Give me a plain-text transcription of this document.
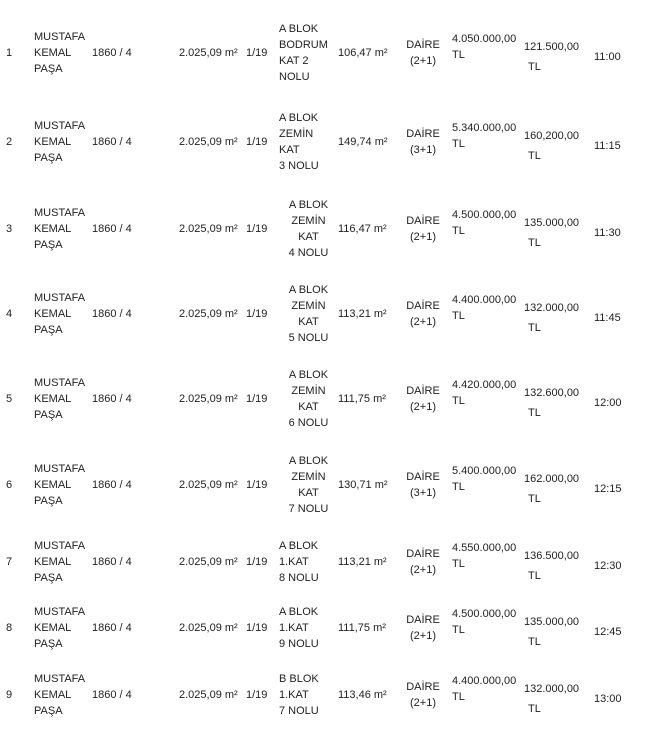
1	MUSTAFA
KEMAL
PAŞA	1860 / 4	2.025,09 m²	1/19	A BLOK
BODRUM
KAT 2
NOLU	106,47 m²	DAİRE
(2+1)	4.050.000,00
TL	121.500,00
TL	11:00

2	MUSTAFA
KEMAL
PAŞA	1860 / 4	2.025,09 m²	1/19	A BLOK
ZEMİN
KAT
3 NOLU	149,74 m²	DAİRE
(3+1)	5.340.000,00
TL	160,200,00
TL	11:15

3	MUSTAFA
KEMAL
PAŞA	1860 / 4	2.025,09 m²	1/19	A BLOK
ZEMİN
KAT
4 NOLU	116,47 m²	DAİRE
(2+1)	4.500.000,00
TL	135.000,00
TL	11:30

4	MUSTAFA
KEMAL
PAŞA	1860 / 4	2.025,09 m²	1/19	A BLOK
ZEMİN
KAT
5 NOLU	113,21 m²	DAİRE
(2+1)	4.400.000,00
TL	132.000,00
TL	11:45

5	MUSTAFA
KEMAL
PAŞA	1860 / 4	2.025,09 m²	1/19	A BLOK
ZEMİN
KAT
6 NOLU	111,75 m²	DAİRE
(2+1)	4.420.000,00
TL	132.600,00
TL	12:00

6	MUSTAFA
KEMAL
PAŞA	1860 / 4	2.025,09 m²	1/19	A BLOK
ZEMİN
KAT
7 NOLU	130,71 m²	DAİRE
(3+1)	5.400.000,00
TL	162.000,00
TL	12:15

7	MUSTAFA
KEMAL
PAŞA	1860 / 4	2.025,09 m²	1/19	A BLOK
1.KAT
8 NOLU	113,21 m²	DAİRE
(2+1)	4.550.000,00
TL	136.500,00
TL	12:30

8	MUSTAFA
KEMAL
PAŞA	1860 / 4	2.025,09 m²	1/19	A BLOK
1.KAT
9 NOLU	111,75 m²	DAİRE
(2+1)	4.500.000,00
TL	135.000,00
TL	12:45

9	MUSTAFA
KEMAL
PAŞA	1860 / 4	2.025,09 m²	1/19	B BLOK
1.KAT
7 NOLU	113,46 m²	DAİRE
(2+1)	4.400.000,00
TL	132.000,00
TL	13:00
